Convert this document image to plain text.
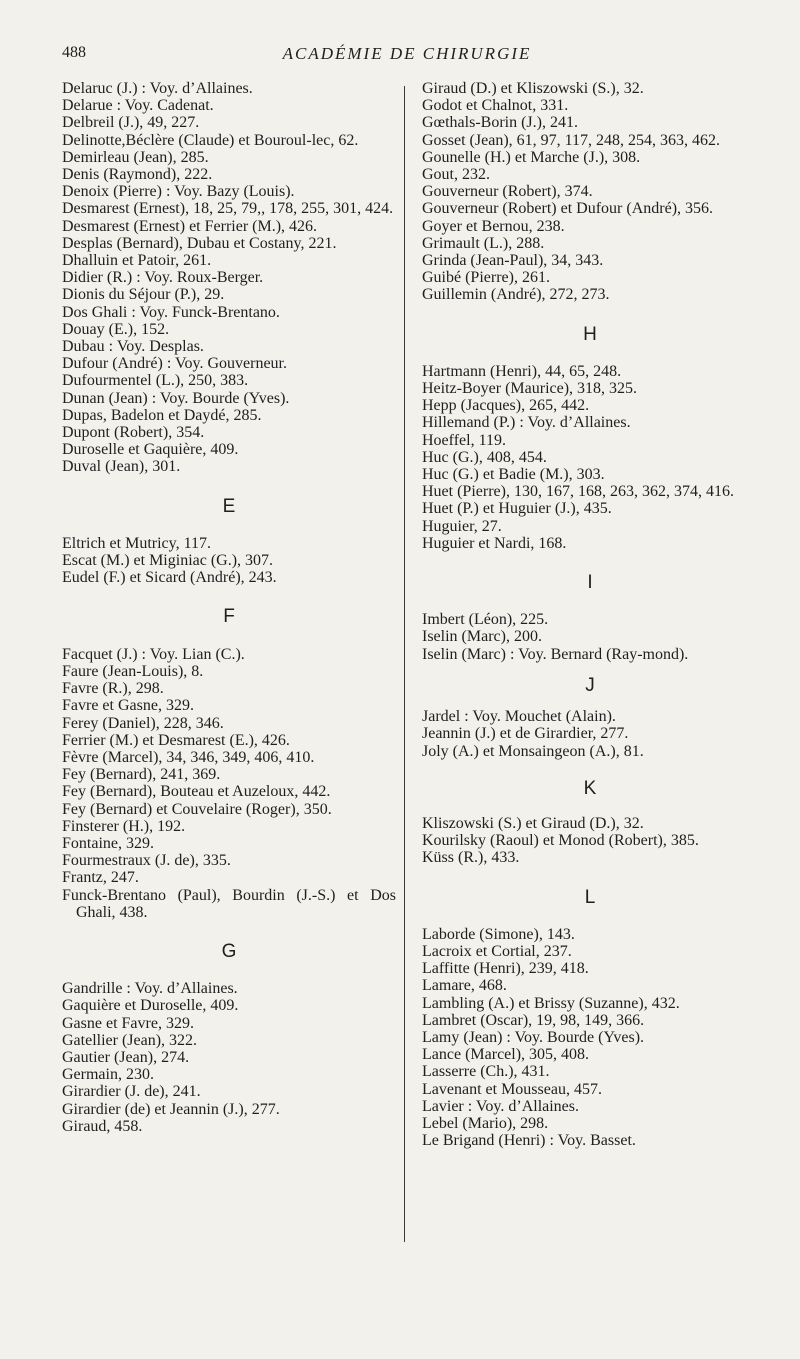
488	ACADÉMIE DE CHIRURGIE

Delaruc (J.) : Voy. d’Allaines.

Delarue : Voy. Cadenat.

Delbreil (J.), 49, 227.

Delinotte,Béclère (Claude) et Bouroul-lec, 62.

Demirleau (Jean), 285.

Denis (Raymond), 222.

Denoix (Pierre) : Voy. Bazy (Louis).

Desmarest (Ernest), 18, 25, 79,, 178, 255, 301, 424.

Desmarest (Ernest) et Ferrier (M.), 426.

Desplas (Bernard), Dubau et Costany, 221.

Dhalluin et Patoir, 261.

Didier (R.) : Voy. Roux-Berger.

Dionis du Séjour (P.), 29.

Dos Ghali : Voy. Funck-Brentano.

Douay (E.), 152.

Dubau : Voy. Desplas.

Dufour (André) : Voy. Gouverneur.

Dufourmentel (L.), 250, 383.

Dunan (Jean) : Voy. Bourde (Yves).

Dupas, Badelon et Daydé, 285.

Dupont (Robert), 354.

Duroselle et Gaquière, 409.

Duval (Jean), 301.

E

Eltrich et Mutricy, 117.

Escat (M.) et Miginiac (G.), 307.

Eudel (F.) et Sicard (André), 243.

F

Facquet (J.) : Voy. Lian (C.).

Faure (Jean-Louis), 8.

Favre (R.), 298.

Favre et Gasne, 329.

Ferey (Daniel), 228, 346.

Ferrier (M.) et Desmarest (E.), 426.

Fèvre (Marcel), 34, 346, 349, 406, 410.

Fey (Bernard), 241, 369.

Fey (Bernard), Bouteau et Auzeloux, 442.

Fey (Bernard) et Couvelaire (Roger), 350.

Finsterer (H.), 192.

Fontaine, 329.

Fourmestraux (J. de), 335.

Frantz, 247.

Funck-Brentano (Paul), Bourdin (J.-S.) et Dos Ghali, 438.

G

Gandrille : Voy. d’Allaines.

Gaquière et Duroselle, 409.

Gasne et Favre, 329.

Gatellier (Jean), 322.

Gautier (Jean), 274.

Germain, 230.

Girardier (J. de), 241.

Girardier (de) et Jeannin (J.), 277.

Giraud, 458.

Giraud (D.) et Kliszowski (S.), 32.

Godot et Chalnot, 331.

Gœthals-Borin (J.), 241.

Gosset (Jean), 61, 97, 117, 248, 254, 363, 462.

Gounelle (H.) et Marche (J.), 308.

Gout, 232.

Gouverneur (Robert), 374.

Gouverneur (Robert) et Dufour (André), 356.

Goyer et Bernou, 238.

Grimault (L.), 288.

Grinda (Jean-Paul), 34, 343.

Guibé (Pierre), 261.

Guillemin (André), 272, 273.

H

Hartmann (Henri), 44, 65, 248.

Heitz-Boyer (Maurice), 318, 325.

Hepp (Jacques), 265, 442.

Hillemand (P.) : Voy. d’Allaines.

Hoeffel, 119.

Huc (G.), 408, 454.

Huc (G.) et Badie (M.), 303.

Huet (Pierre), 130, 167, 168, 263, 362, 374, 416.

Huet (P.) et Huguier (J.), 435.

Huguier, 27.

Huguier et Nardi, 168.

I

Imbert (Léon), 225.

Iselin (Marc), 200.

Iselin (Marc) : Voy. Bernard (Ray-mond).

J

Jardel : Voy. Mouchet (Alain).

Jeannin (J.) et de Girardier, 277.

Joly (A.) et Monsaingeon (A.), 81.

K

Kliszowski (S.) et Giraud (D.), 32.

Kourilsky (Raoul) et Monod (Robert), 385.

Küss (R.), 433.

L

Laborde (Simone), 143.

Lacroix et Cortial, 237.

Laffitte (Henri), 239, 418.

Lamare, 468.

Lambling (A.) et Brissy (Suzanne), 432.

Lambret (Oscar), 19, 98, 149, 366.

Lamy (Jean) : Voy. Bourde (Yves).

Lance (Marcel), 305, 408.

Lasserre (Ch.), 431.

Lavenant et Mousseau, 457.

Lavier : Voy. d’Allaines.

Lebel (Mario), 298.

Le Brigand (Henri) : Voy. Basset.
